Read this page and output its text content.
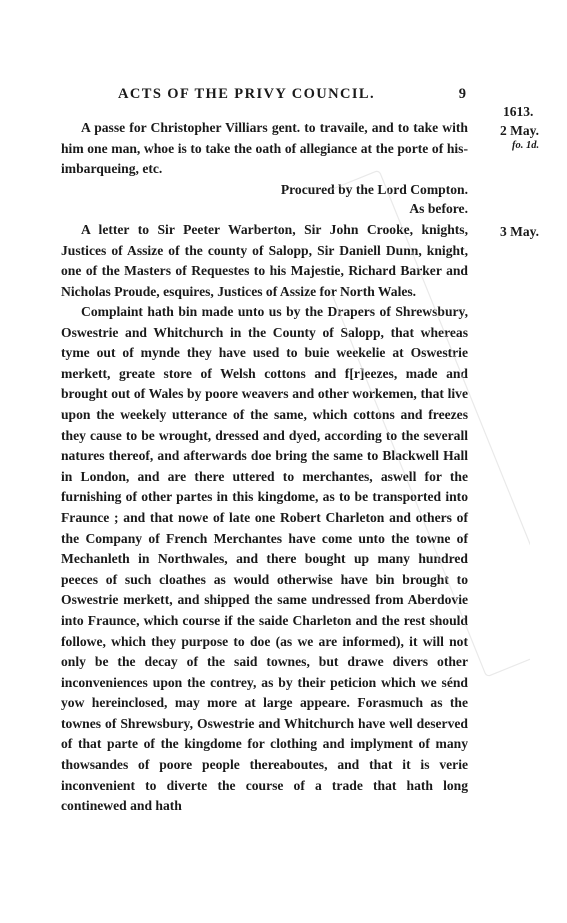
ACTS OF THE PRIVY COUNCIL.	9
1613.
2 May.
fo. 1d.
3 May.

A passe for Christopher Villiars gent. to travaile, and to take with him one man, whoe is to take the oath of allegiance at the porte of his-imbarqueing, etc.

Procured by the Lord Compton.
As before.

A letter to Sir Peeter Warberton, Sir John Crooke, knights, Justices of Assize of the county of Salopp, Sir Daniell Dunn, knight, one of the Masters of Requestes to his Majestie, Richard Barker and Nicholas Proude, esquires, Justices of Assize for North Wales.

Complaint hath bin made unto us by the Drapers of Shrewsbury, Oswestrie and Whitchurch in the County of Salopp, that whereas tyme out of mynde they have used to buie weekelie at Oswestrie merkett, greate store of Welsh cottons and f[r]eezes, made and brought out of Wales by poore weavers and other workemen, that live upon the weekely utterance of the same, which cottons and freezes they cause to be wrought, dressed and dyed, according to the severall natures thereof, and afterwards doe bring the same to Blackwell Hall in London, and are there uttered to merchantes, aswell for the furnishing of other partes in this kingdome, as to be transported into Fraunce ; and that nowe of late one Robert Charleton and others of the Company of French Merchantes have come unto the towne of Mechanleth in Northwales, and there bought up many hundred peeces of such cloathes as would otherwise have bin brought to Oswestrie merkett, and shipped the same undressed from Aberdovie into Fraunce, which course if the saide Charleton and the rest should followe, which they purpose to doe (as we are informed), it will not only be the decay of the said townes, but drawe divers other inconveniences upon the contrey, as by their peticion which we sénd yow hereinclosed, may more at large appeare. Forasmuch as the townes of Shrewsbury, Oswestrie and Whitchurch have well deserved of that parte of the kingdome for clothing and implyment of many thowsandes of poore people thereaboutes, and that it is verie inconvenient to diverte the course of a trade that hath long continewed and hath
